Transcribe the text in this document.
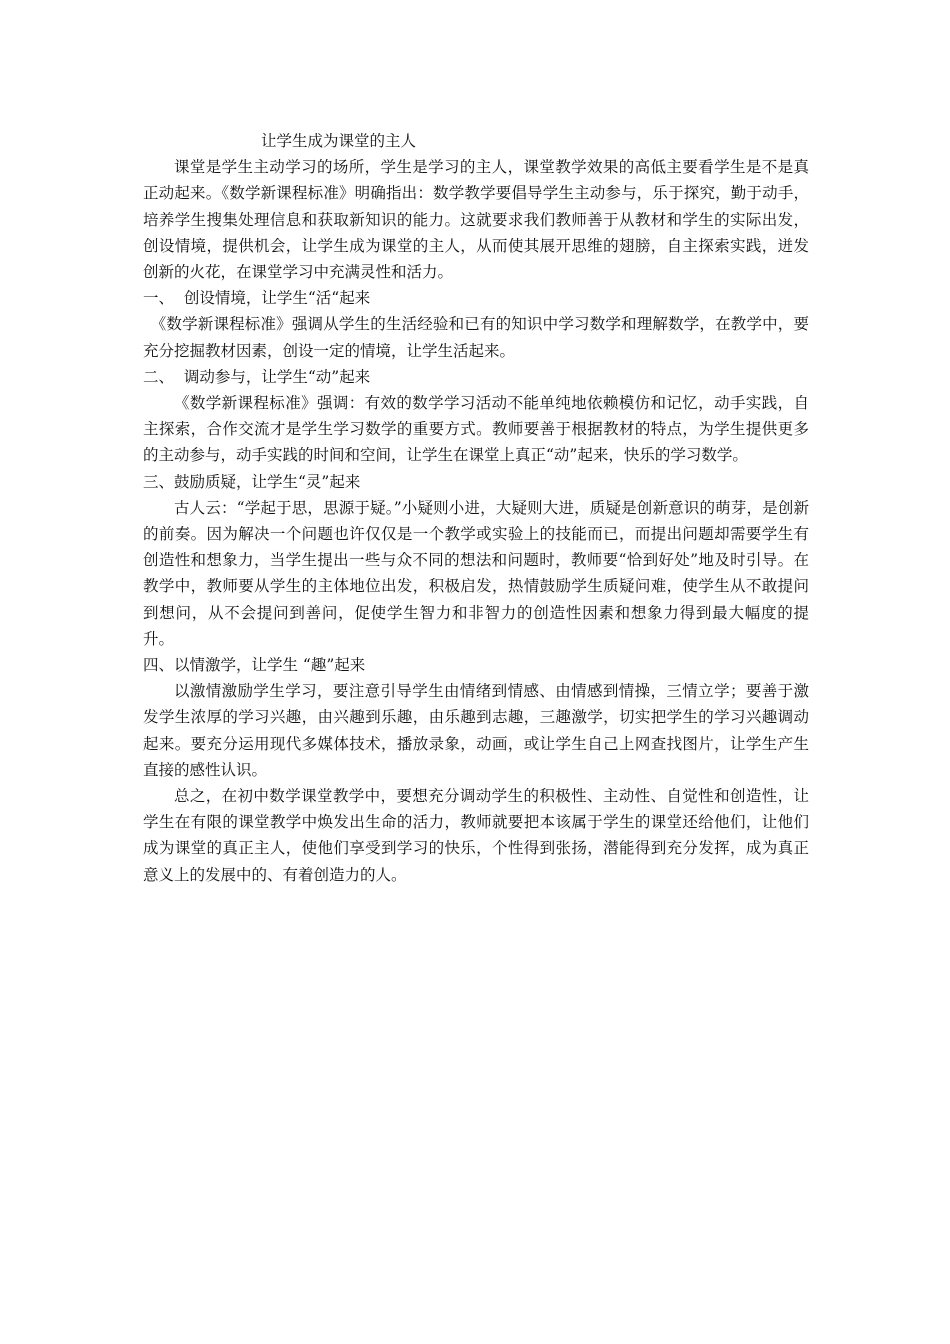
让学生成为课堂的主人

课堂是学生主动学习的场所，学生是学习的主人，课堂教学效果的高低主要看学生是不是真正动起来。《数学新课程标准》明确指出：数学教学要倡导学生主动参与，乐于探究，勤于动手，培养学生搜集处理信息和获取新知识的能力。这就要求我们教师善于从教材和学生的实际出发，创设情境，提供机会，让学生成为课堂的主人，从而使其展开思维的翅膀，自主探索实践，迸发创新的火花，在课堂学习中充满灵性和活力。

一、  创设情境，让学生“活“起来

《数学新课程标准》强调从学生的生活经验和已有的知识中学习数学和理解数学，在教学中，要充分挖掘教材因素，创设一定的情境，让学生活起来。

二、  调动参与，让学生“动”起来

《数学新课程标准》强调：有效的数学学习活动不能单纯地依赖模仿和记忆，动手实践，自主探索，合作交流才是学生学习数学的重要方式。教师要善于根据教材的特点，为学生提供更多的主动参与，动手实践的时间和空间，让学生在课堂上真正“动”起来，快乐的学习数学。

三、鼓励质疑，让学生“灵”起来

古人云：“学起于思，思源于疑。”小疑则小进，大疑则大进，质疑是创新意识的萌芽，是创新的前奏。因为解决一个问题也许仅仅是一个教学或实验上的技能而已，而提出问题却需要学生有创造性和想象力，当学生提出一些与众不同的想法和问题时，教师要“恰到好处”地及时引导。在教学中，教师要从学生的主体地位出发，积极启发，热情鼓励学生质疑问难，使学生从不敢提问到想问，从不会提问到善问，促使学生智力和非智力的创造性因素和想象力得到最大幅度的提升。

四、以情激学，让学生 “趣”起来

以激情激励学生学习，要注意引导学生由情绪到情感、由情感到情操，三情立学；要善于激发学生浓厚的学习兴趣，由兴趣到乐趣，由乐趣到志趣，三趣激学，切实把学生的学习兴趣调动起来。要充分运用现代多媒体技术，播放录象，动画，或让学生自己上网查找图片，让学生产生直接的感性认识。

总之，在初中数学课堂教学中，要想充分调动学生的积极性、主动性、自觉性和创造性，让学生在有限的课堂教学中焕发出生命的活力，教师就要把本该属于学生的课堂还给他们，让他们成为课堂的真正主人，使他们享受到学习的快乐，个性得到张扬，潜能得到充分发挥，成为真正意义上的发展中的、有着创造力的人。
